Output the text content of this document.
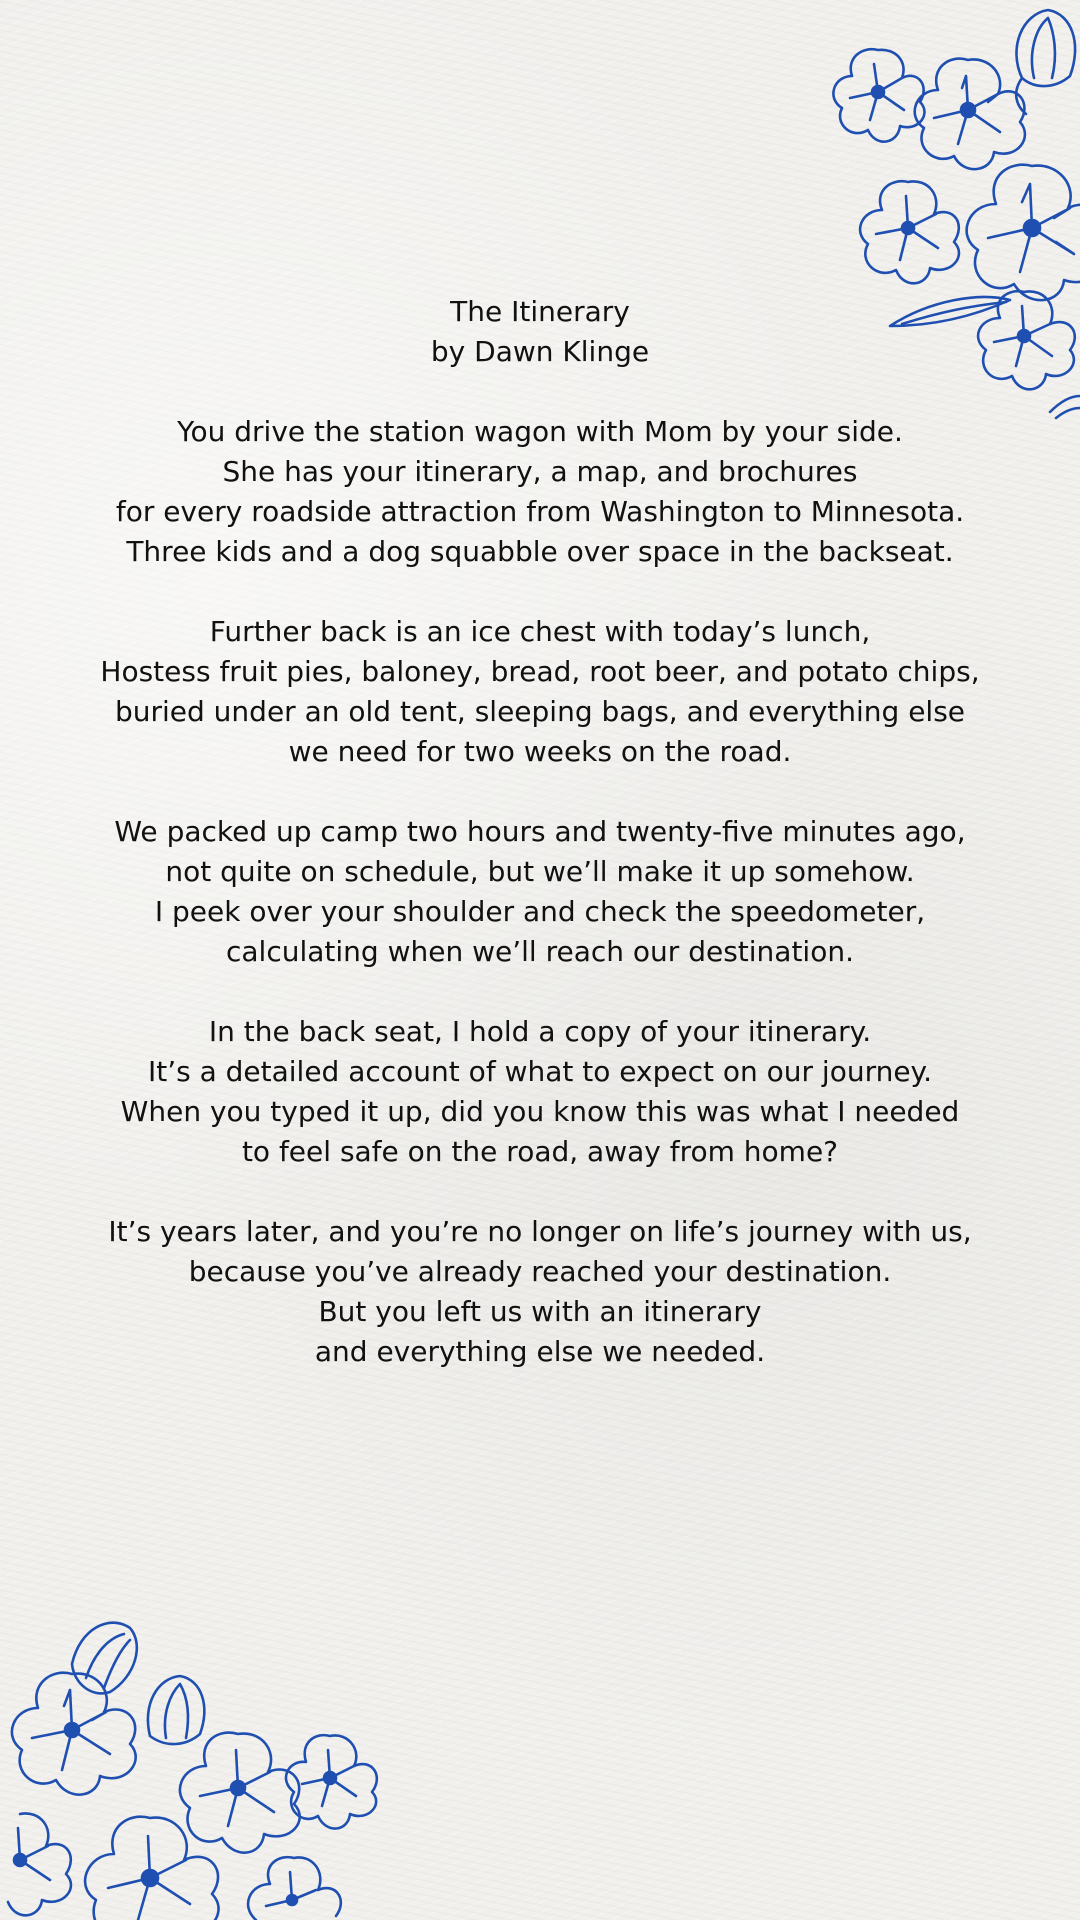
The Itinerary
by Dawn Klinge
You drive the station wagon with Mom by your side.
She has your itinerary, a map, and brochures
for every roadside attraction from Washington to Minnesota.
Three kids and a dog squabble over space in the backseat.
Further back is an ice chest with today’s lunch,
Hostess fruit pies, baloney, bread, root beer, and potato chips,
buried under an old tent, sleeping bags, and everything else
we need for two weeks on the road.
We packed up camp two hours and twenty-five minutes ago,
not quite on schedule, but we’ll make it up somehow.
I peek over your shoulder and check the speedometer,
calculating when we’ll reach our destination.
In the back seat, I hold a copy of your itinerary.
It’s a detailed account of what to expect on our journey.
When you typed it up, did you know this was what I needed
to feel safe on the road, away from home?
It’s years later, and you’re no longer on life’s journey with us,
because you’ve already reached your destination.
But you left us with an itinerary
and everything else we needed.
